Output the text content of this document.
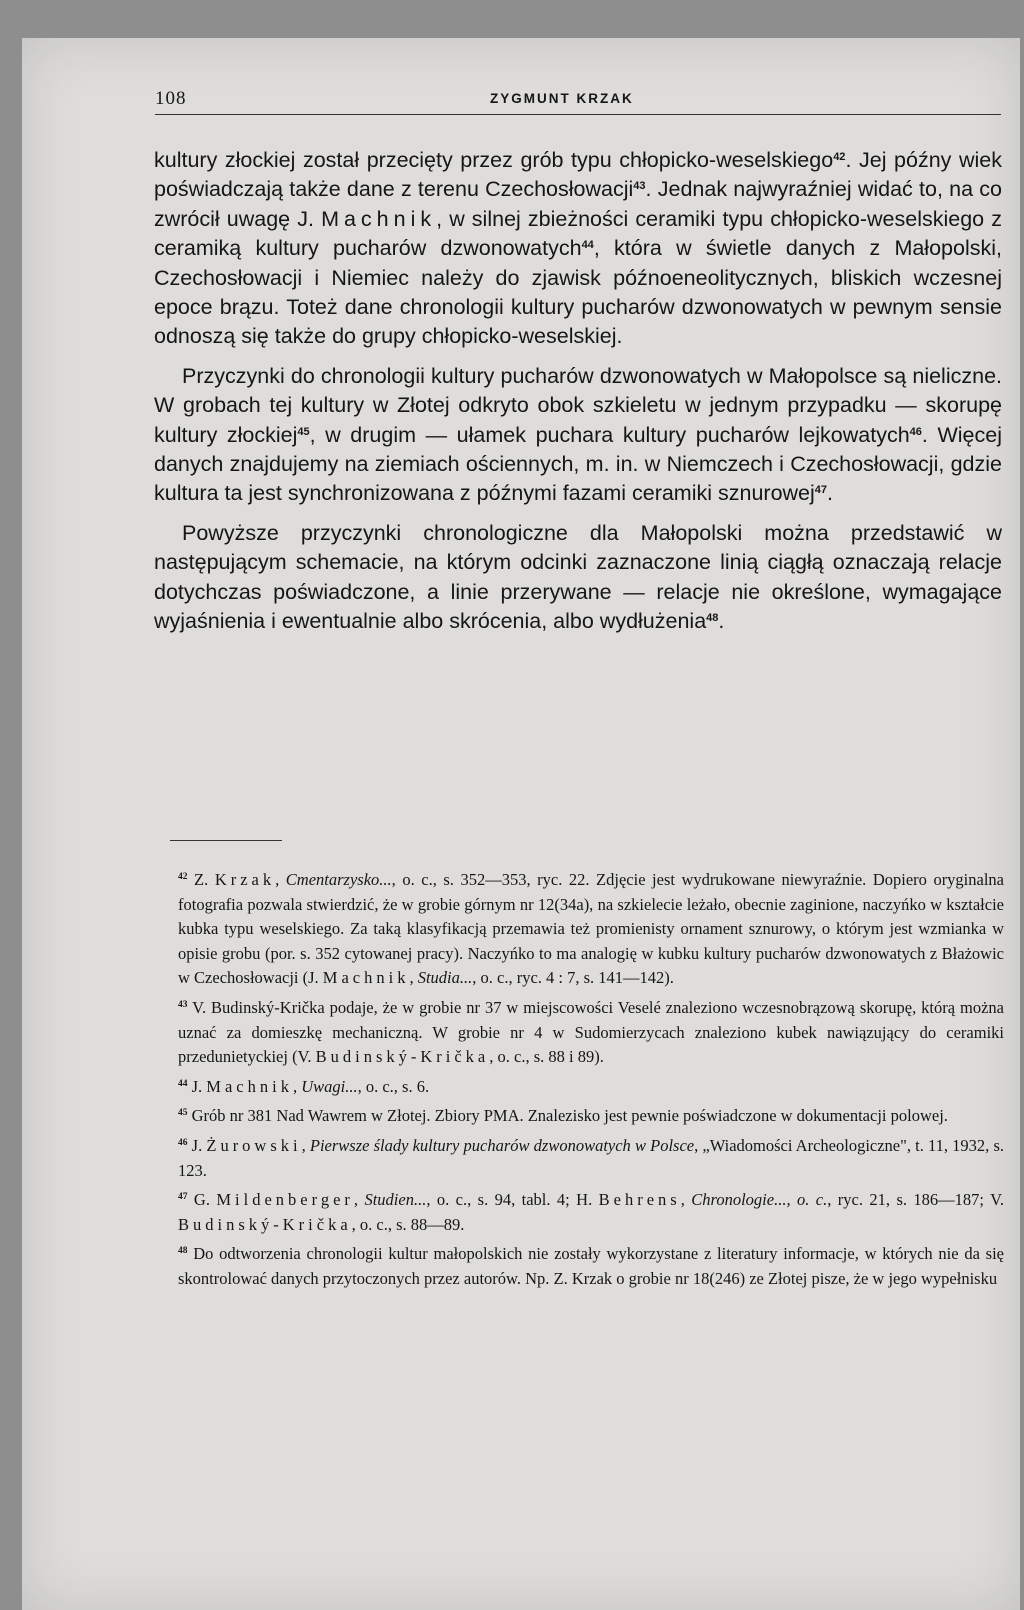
108	ZYGMUNT KRZAK

kultury złockiej został przecięty przez grób typu chłopicko-weselskiego$^{42}$. Jej późny wiek poświadczają także dane z terenu Czechosłowacji$^{43}$. Jednak najwyraźniej widać to, na co zwrócił uwagę J. Machnik, w silnej zbieżności ceramiki typu chłopicko-weselskiego z ceramiką kultury pucharów dzwonowatych$^{44}$, która w świetle danych z Małopolski, Czechosłowacji i Niemiec należy do zjawisk późnoeneolitycznych, bliskich wczesnej epoce brązu. Toteż dane chronologii kultury pucharów dzwonowatych w pewnym sensie odnoszą się także do grupy chłopicko-weselskiej.

Przyczynki do chronologii kultury pucharów dzwonowatych w Małopolsce są nieliczne. W grobach tej kultury w Złotej odkryto obok szkieletu w jednym przypadku — skorupę kultury złockiej$^{45}$, w drugim — ułamek puchara kultury pucharów lejkowatych$^{46}$. Więcej danych znajdujemy na ziemiach ościennych, m. in. w Niemczech i Czechosłowacji, gdzie kultura ta jest synchronizowana z późnymi fazami ceramiki sznurowej$^{47}$.

Powyższe przyczynki chronologiczne dla Małopolski można przedstawić w następującym schemacie, na którym odcinki zaznaczone linią ciągłą oznaczają relacje dotychczas poświadczone, a linie przerywane — relacje nie określone, wymagające wyjaśnienia i ewentualnie albo skrócenia, albo wydłużenia$^{48}$.

$^{42}$ Z. Krzak, Cmentarzysko..., o. c., s. 352—353, ryc. 22. Zdjęcie jest wydrukowane niewyraźnie. Dopiero oryginalna fotografia pozwala stwierdzić, że w grobie górnym nr 12(34a), na szkielecie leżało, obecnie zaginione, naczyńko w kształcie kubka typu weselskiego. Za taką klasyfikacją przemawia też promienisty ornament sznurowy, o którym jest wzmianka w opisie grobu (por. s. 352 cytowanej pracy). Naczyńko to ma analogię w kubku kultury pucharów dzwonowatych z Błażowic w Czechosłowacji (J. Machnik, Studia..., o. c., ryc. 4 : 7, s. 141—142).

$^{43}$ V. Budinský-Krička podaje, że w grobie nr 37 w miejscowości Veselé znaleziono wczesnobrązową skorupę, którą można uznać za domieszkę mechaniczną. W grobie nr 4 w Sudomierzycach znaleziono kubek nawiązujący do ceramiki przedunietyckiej (V. Budinský-Krička, o. c., s. 88 i 89).

$^{44}$ J. Machnik, Uwagi..., o. c., s. 6.

$^{45}$ Grób nr 381 Nad Wawrem w Złotej. Zbiory PMA. Znalezisko jest pewnie poświadczone w dokumentacji polowej.

$^{46}$ J. Żurowski, Pierwsze ślady kultury pucharów dzwonowatych w Polsce, „Wiadomości Archeologiczne", t. 11, 1932, s. 123.

$^{47}$ G. Mildenberger, Studien..., o. c., s. 94, tabl. 4; H. Behrens, Chronologie..., o. c., ryc. 21, s. 186—187; V. Budinský-Krička, o. c., s. 88—89.

$^{48}$ Do odtworzenia chronologii kultur małopolskich nie zostały wykorzystane z literatury informacje, w których nie da się skontrolować danych przytoczonych przez autorów. Np. Z. Krzak o grobie nr 18(246) ze Złotej pisze, że w jego wypełnisku
